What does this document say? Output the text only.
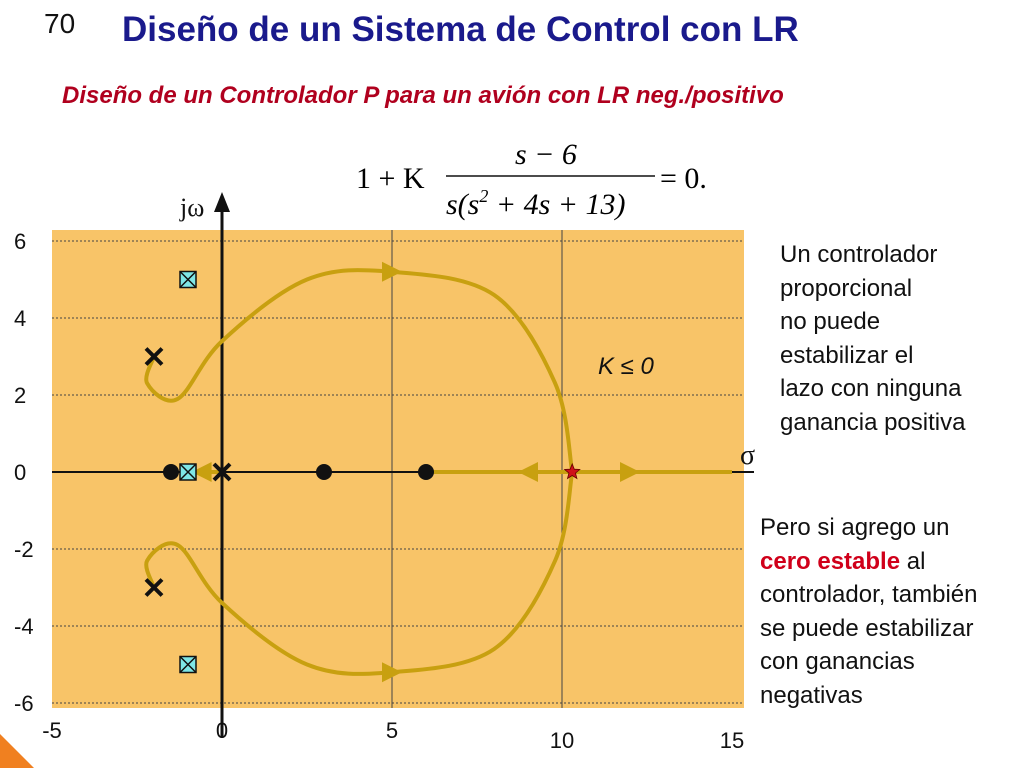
70 Diseño de un Sistema de Control con LR
Diseño de un Controlador P para un avión con LR neg./positivo
1 + K
s − 6
$s(s^2 + 4s + 13)$
= 0.
jω
σ
6
4
2
0
-2
-4
-6
-5	0	5	10	15
K ≤ 0
Un controlador
proporcional
no puede
estabilizar el
lazo con ninguna
ganancia positiva
Pero si agrego un
cero estable al
controlador, también
se puede estabilizar
con ganancias
negativas
